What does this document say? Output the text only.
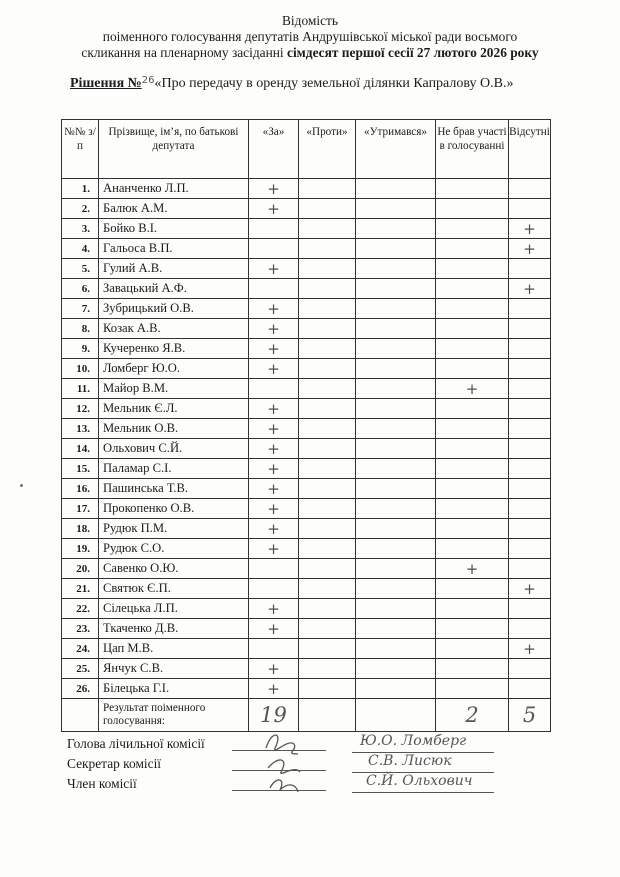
Відомість
поіменного голосування депутатів Андрушівської міської ради восьмого
скликання на пленарному засіданні сімдесят першої сесії 27 лютого 2026 року
Рішення №$^{26}$«Про передачу в оренду земельної ділянки Капралову О.В.»
№№ з/п	Прізвище, ім’я, по батькові депутата	«За»	«Проти»	«Утримався»	Не брав участі в голосуванні	Відсутні
1.	Ананченко Л.П.	+				
2.	Балюк А.М.	+				
3.	Бойко В.І.					+
4.	Гальоса В.П.					+
5.	Гулий А.В.	+				
6.	Завацький А.Ф.					+
7.	Зубрицький О.В.	+				
8.	Козак А.В.	+				
9.	Кучеренко Я.В.	+				
10.	Ломберг Ю.О.	+				
11.	Майор В.М.				+	
12.	Мельник Є.Л.	+				
13.	Мельник О.В.	+				
14.	Ольхович С.Й.	+				
15.	Паламар С.І.	+				
16.	Пашинська Т.В.	+				
17.	Прокопенко О.В.	+				
18.	Рудюк П.М.	+				
19.	Рудюк С.О.	+				
20.	Савенко О.Ю.				+	
21.	Святюк Є.П.					+
22.	Сілецька Л.П.	+				
23.	Ткаченко Д.В.	+				
24.	Цап М.В.					+
25.	Янчук С.В.	+				
26.	Білецька Г.І.	+				
	Результат поіменного голосування:	19			2	5
Голова лічильної комісії
Секретар комісії
Член комісії
Ю.О. Ломберг
С.В. Лисюк
С.Й. Ольхович
